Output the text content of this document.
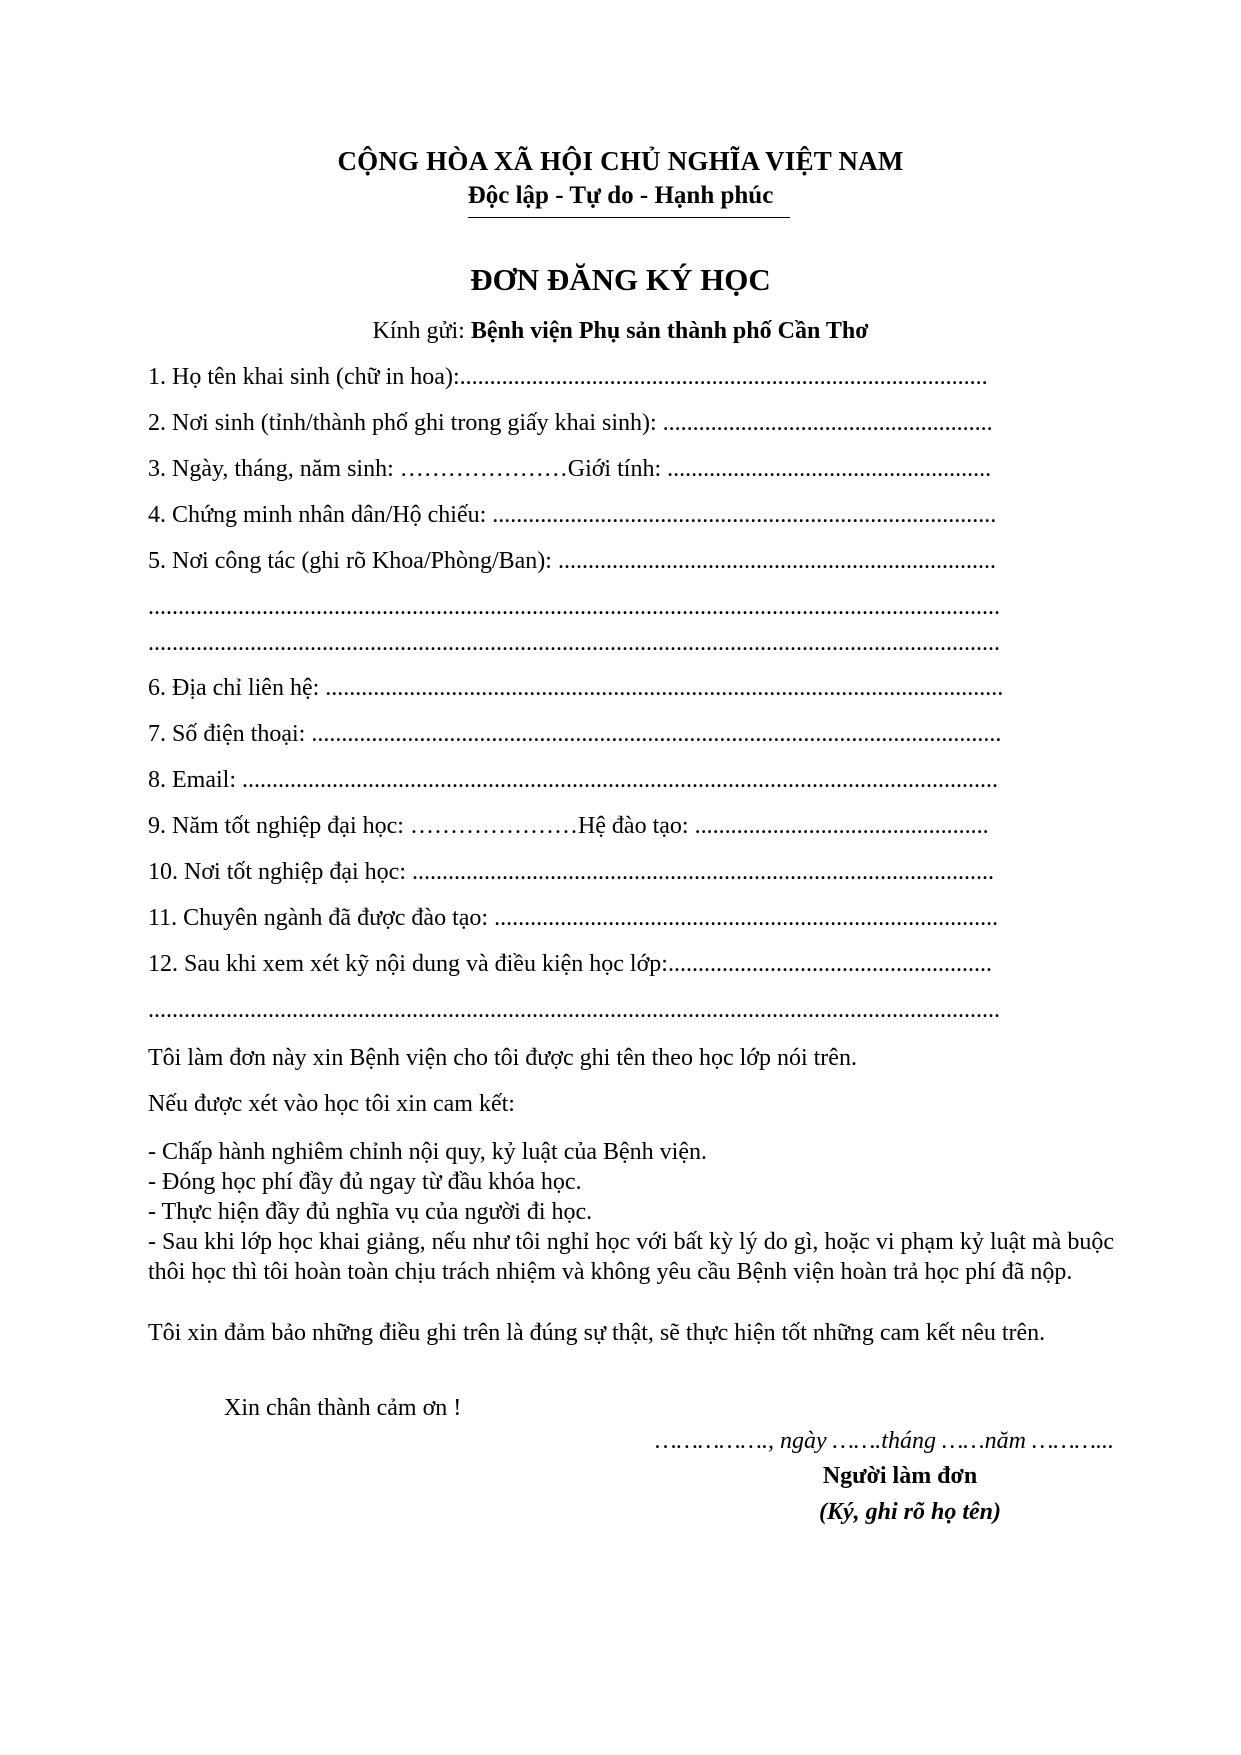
CỘNG HÒA XÃ HỘI CHỦ NGHĨA VIỆT NAM
Độc lập - Tự do - Hạnh phúc
ĐƠN ĐĂNG KÝ HỌC
Kính gửi: Bệnh viện Phụ sản thành phố Cần Thơ
1. Họ tên khai sinh (chữ in hoa):........................................................................................
2. Nơi sinh (tỉnh/thành phố ghi trong giấy khai sinh): .......................................................
3. Ngày, tháng, năm sinh: …………………Giới tính: ......................................................
4. Chứng minh nhân dân/Hộ chiếu: ....................................................................................
5. Nơi công tác (ghi rõ Khoa/Phòng/Ban): .........................................................................
..............................................................................................................................................
..............................................................................................................................................
6. Địa chỉ liên hệ: .................................................................................................................
7. Số điện thoại: ...................................................................................................................
8. Email: ..............................................................................................................................
9. Năm tốt nghiệp đại học: …………………Hệ đào tạo: .................................................
10. Nơi tốt nghiệp đại học: .................................................................................................
11. Chuyên ngành đã được đào tạo: ....................................................................................
12. Sau khi xem xét kỹ nội dung và điều kiện học lớp:......................................................
..............................................................................................................................................
Tôi làm đơn này xin Bệnh viện cho tôi được ghi tên theo học lớp nói trên.
Nếu được xét vào học tôi xin cam kết:
- Chấp hành nghiêm chỉnh nội quy, kỷ luật của Bệnh viện.
- Đóng học phí đầy đủ ngay từ đầu khóa học.
- Thực hiện đầy đủ nghĩa vụ của người đi học.
- Sau khi lớp học khai giảng, nếu như tôi nghỉ học với bất kỳ lý do gì, hoặc vi phạm kỷ luật mà buộc thôi học thì tôi hoàn toàn chịu trách nhiệm và không yêu cầu Bệnh viện hoàn trả học phí đã nộp.
Tôi xin đảm bảo những điều ghi trên là đúng sự thật, sẽ thực hiện tốt những cam kết nêu trên.
Xin chân thành cảm ơn !
……………., ngày …….tháng ……năm ………...
Người làm đơn
(Ký, ghi rõ họ tên)
